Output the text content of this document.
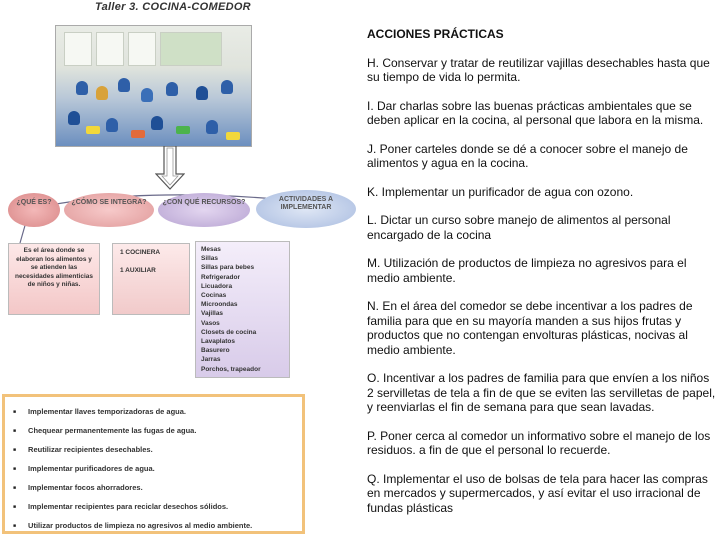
Taller 3. COCINA-COMEDOR
¿QUÉ ES?	¿CÓMO SE INTEGRA?	¿CON QUÉ RECURSOS?	ACTIVIDADES A IMPLEMENTAR
Es el área donde se elaboran los alimentos y se atienden las necesidades alimenticias de niños y niñas.
1 COCINERA
1 AUXILIAR
Mesas
Sillas
Sillas para bebes
Refrigerador
Licuadora
Cocinas
Microondas
Vajillas
Vasos
Closets de cocina
Lavaplatos
Basurero
Jarras
Porchos, trapeador
■ Implementar llaves temporizadoras de agua.
■ Chequear permanentemente las fugas de agua.
■ Reutilizar recipientes desechables.
■ Implementar purificadores de agua.
■ Implementar focos ahorradores.
■ Implementar recipientes para reciclar desechos sólidos.
■ Utilizar productos de limpieza no agresivos al medio ambiente.
ACCIONES PRÁCTICAS

H. Conservar y tratar de reutilizar vajillas desechables hasta que su tiempo de vida lo permita.

I. Dar charlas sobre las buenas prácticas ambientales que se deben aplicar en la cocina, al personal que labora en la misma.

J. Poner carteles donde se dé a conocer sobre el manejo de alimentos y agua en la cocina.

K. Implementar un purificador de agua con ozono.

L. Dictar un curso sobre manejo de alimentos al personal encargado de la cocina

M. Utilización de productos de limpieza no agresivos para el medio ambiente.

N. En el área del comedor se debe incentivar a los padres de familia para que en su mayoría manden a sus hijos frutas y productos que no contengan envolturas plásticas, nocivas al medio ambiente.

O. Incentivar a los padres de familia para que envíen a los niños 2 servilletas de tela a fin de que se eviten las servilletas de papel, y reenviarlas el fin de semana para que sean lavadas.

P. Poner cerca al comedor un informativo sobre el manejo de los residuos. a fin de que el personal lo recuerde.

Q. Implementar el uso de bolsas de tela para hacer las compras en mercados y supermercados, y así evitar el uso irracional de fundas plásticas
